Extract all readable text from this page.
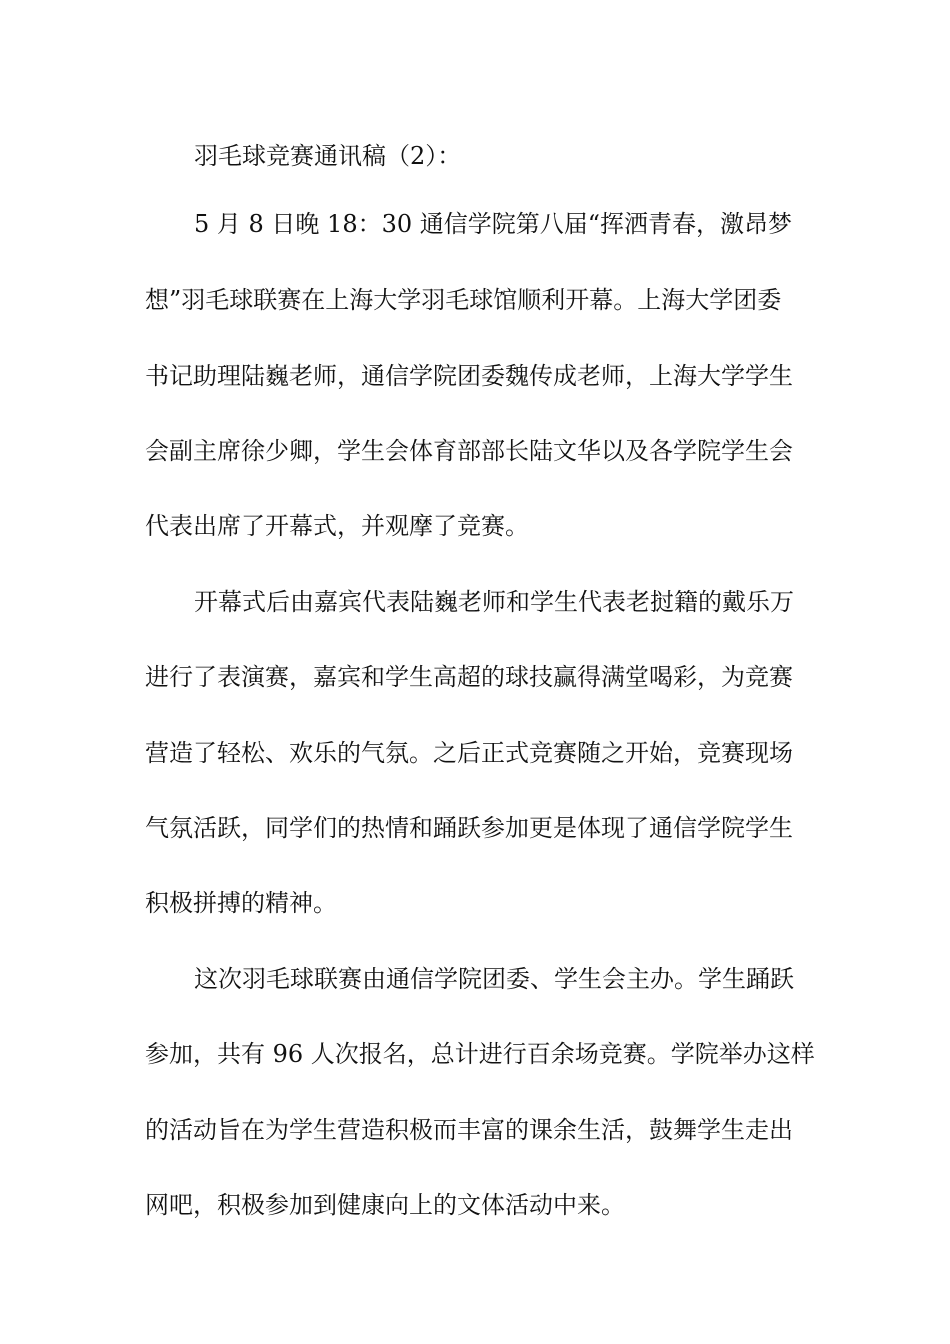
羽毛球竞赛通讯稿（2）：
5 月 8 日晚 18：30 通信学院第八届“挥洒青春，激昂梦
想”羽毛球联赛在上海大学羽毛球馆顺利开幕。上海大学团委
书记助理陆巍老师，通信学院团委魏传成老师，上海大学学生
会副主席徐少卿，学生会体育部部长陆文华以及各学院学生会
代表出席了开幕式，并观摩了竞赛。
开幕式后由嘉宾代表陆巍老师和学生代表老挝籍的戴乐万
进行了表演赛，嘉宾和学生高超的球技赢得满堂喝彩，为竞赛
营造了轻松、欢乐的气氛。之后正式竞赛随之开始，竞赛现场
气氛活跃，同学们的热情和踊跃参加更是体现了通信学院学生
积极拼搏的精神。
这次羽毛球联赛由通信学院团委、学生会主办。学生踊跃
参加，共有 96 人次报名，总计进行百余场竞赛。学院举办这样
的活动旨在为学生营造积极而丰富的课余生活，鼓舞学生走出
网吧，积极参加到健康向上的文体活动中来。
